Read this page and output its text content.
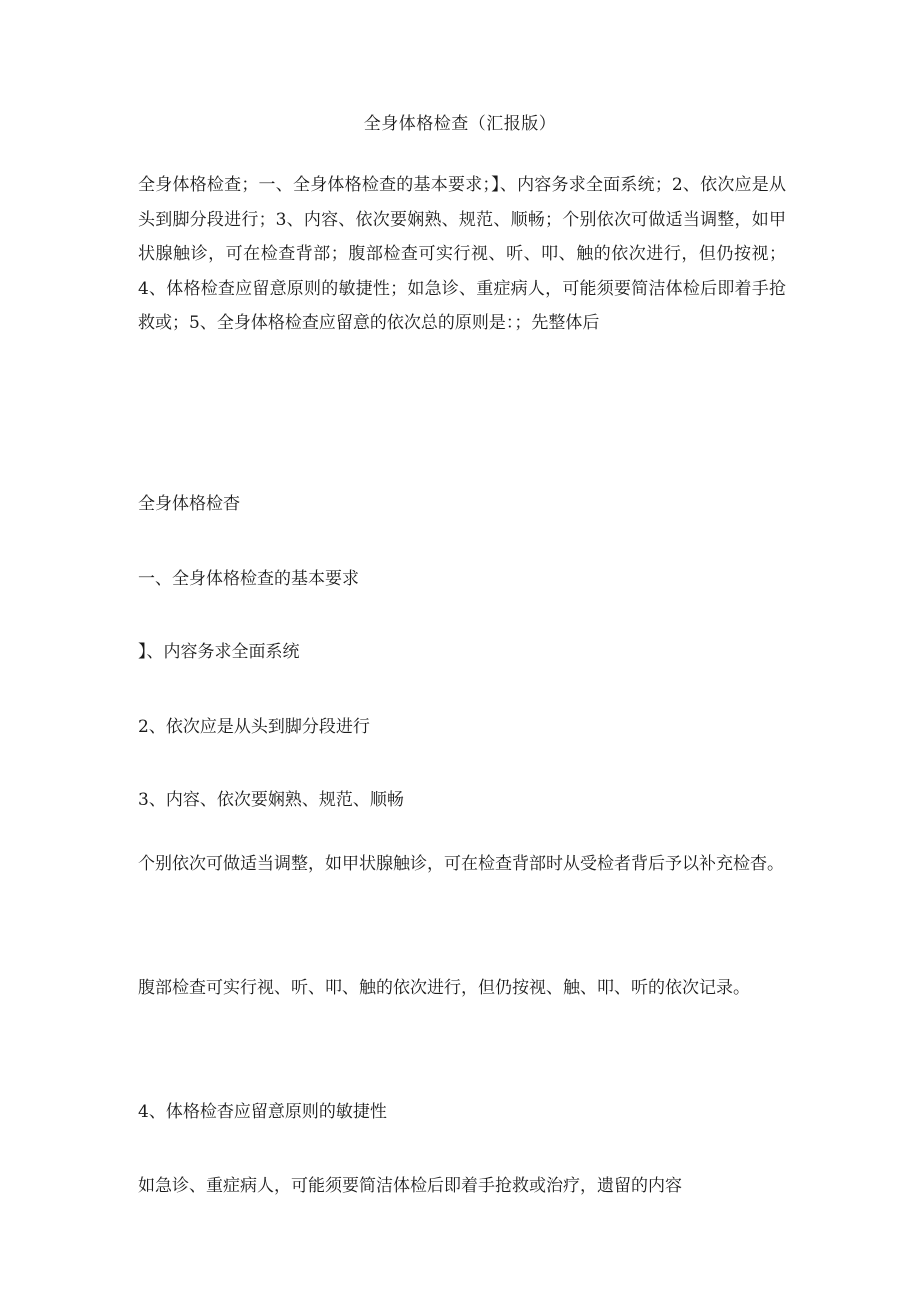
全身体格检查（汇报版）

全身体格检查；一、全身体格检查的基本要求；】、内容务求全面系统；2、依次应是从头到脚分段进行；3、内容、依次要娴熟、规范、顺畅；个别依次可做适当调整，如甲状腺触诊，可在检查背部；腹部检查可实行视、听、叩、触的依次进行，但仍按视；4、体格检查应留意原则的敏捷性；如急诊、重症病人，可能须要简洁体检后即着手抢救或；5、全身体格检查应留意的依次总的原则是：；先整体后

全身体格检杳

一、全身体格检查的基本要求

】、内容务求全面系统

2、依次应是从头到脚分段进行

3、内容、依次要娴熟、规范、顺畅

个别依次可做适当调整，如甲状腺触诊，可在检查背部时从受检者背后予以补充检杳。

腹部检查可实行视、听、叩、触的依次进行，但仍按视、触、叩、听的依次记录。

4、体格检杳应留意原则的敏捷性

如急诊、重症病人，可能须要简洁体检后即着手抢救或治疗，遗留的内容
